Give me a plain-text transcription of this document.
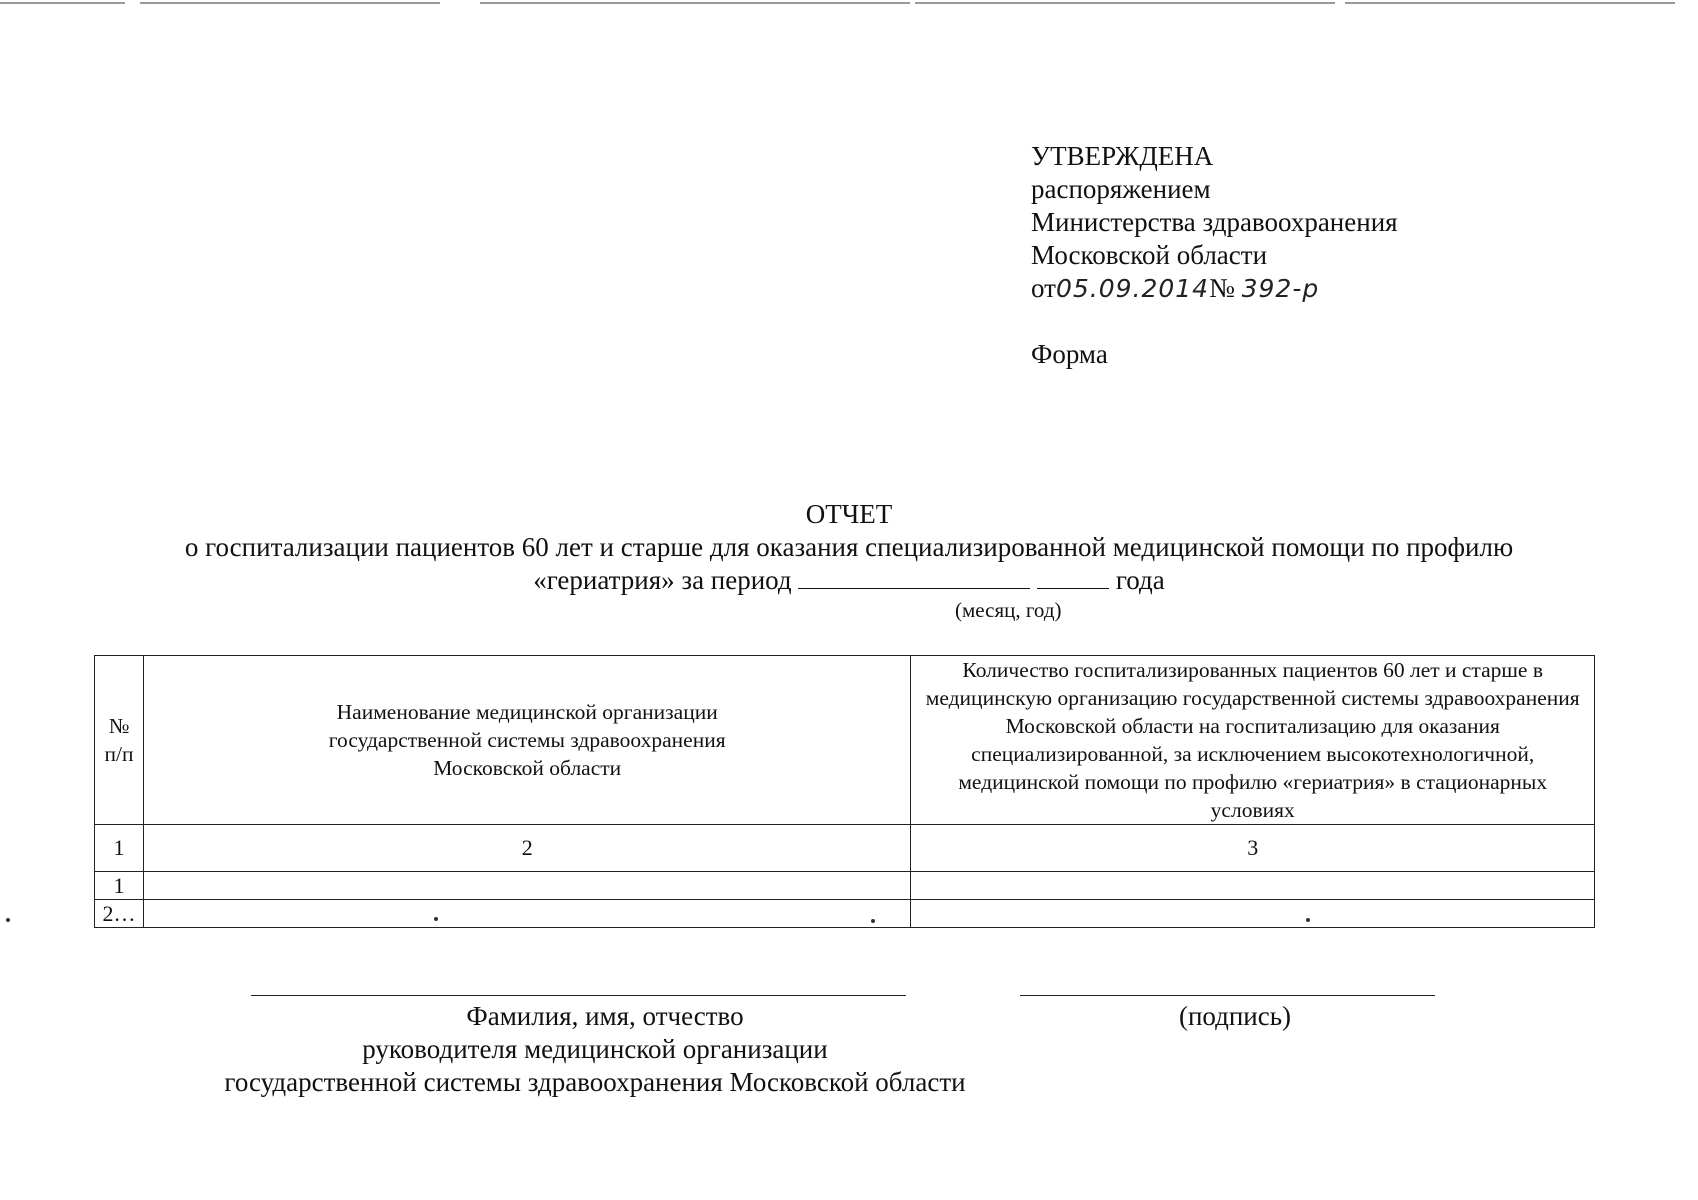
УТВЕРЖДЕНА
распоряжением
Министерства здравоохранения
Московской области
от05.09.2014№ 392-р
Форма
ОТЧЕТ
о госпитализации пациентов 60 лет и старше для оказания специализированной медицинской помощи по профилю
«гериатрия» за период	года
(месяц, год)
№ п/п	Наименование медицинской организации государственной системы здравоохранения Московской области	Количество госпитализированных пациентов 60 лет и старше в медицинскую организацию государственной системы здравоохранения Московской области на госпитализацию для оказания специализированной, за исключением высокотехнологичной, медицинской помощи по профилю «гериатрия» в стационарных условиях
1	2	3
1		
2…		
Фамилия, имя, отчество
руководителя медицинской организации
государственной системы здравоохранения Московской области
(подпись)
